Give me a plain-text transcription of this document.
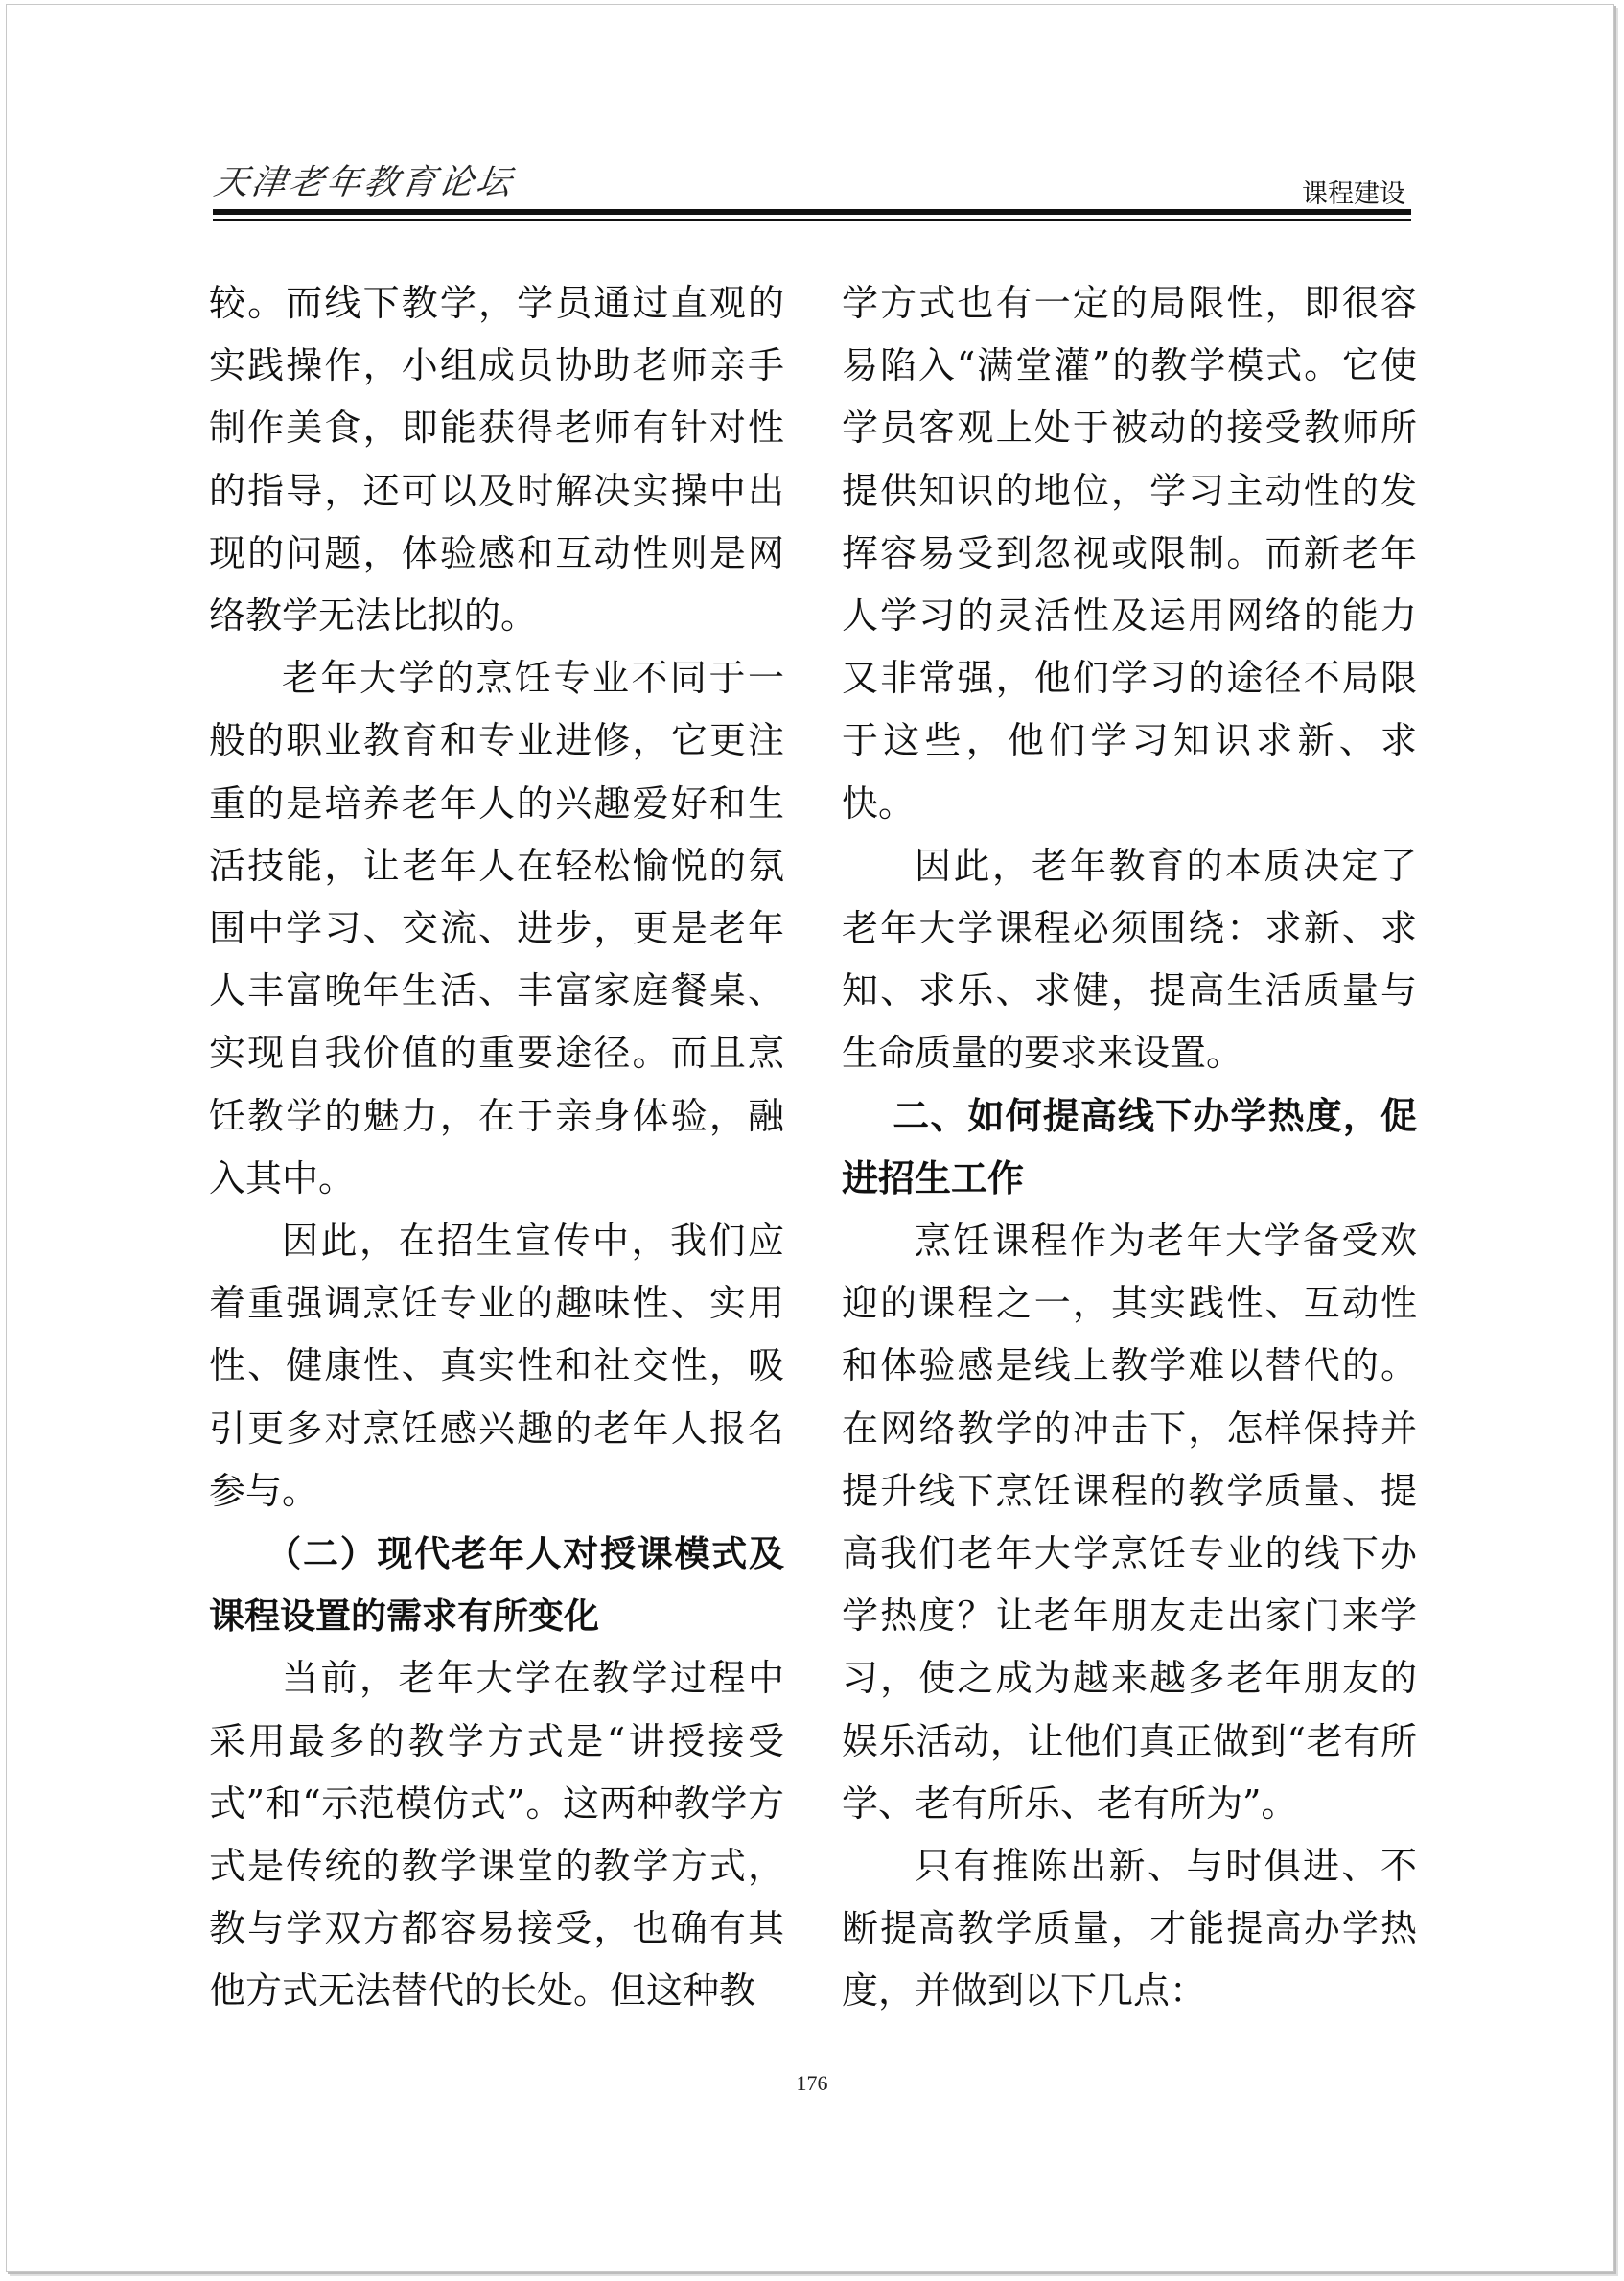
天津老年教育论坛	课程建设

较。而线下教学，学员通过直观的实践操作，小组成员协助老师亲手制作美食，即能获得老师有针对性的指导，还可以及时解决实操中出现的问题，体验感和互动性则是网络教学无法比拟的。

老年大学的烹饪专业不同于一般的职业教育和专业进修，它更注重的是培养老年人的兴趣爱好和生活技能，让老年人在轻松愉悦的氛围中学习、交流、进步，更是老年人丰富晚年生活、丰富家庭餐桌、实现自我价值的重要途径。而且烹饪教学的魅力，在于亲身体验，融入其中。

因此，在招生宣传中，我们应着重强调烹饪专业的趣味性、实用性、健康性、真实性和社交性，吸引更多对烹饪感兴趣的老年人报名参与。

（二）现代老年人对授课模式及课程设置的需求有所变化

当前，老年大学在教学过程中采用最多的教学方式是“讲授接受式”和“示范模仿式”。这两种教学方式是传统的教学课堂的教学方式，教与学双方都容易接受，也确有其他方式无法替代的长处。但这种教

学方式也有一定的局限性，即很容易陷入“满堂灌”的教学模式。它使学员客观上处于被动的接受教师所提供知识的地位，学习主动性的发挥容易受到忽视或限制。而新老年人学习的灵活性及运用网络的能力又非常强，他们学习的途径不局限于这些，他们学习知识求新、求快。

因此，老年教育的本质决定了老年大学课程必须围绕：求新、求知、求乐、求健，提高生活质量与生命质量的要求来设置。

二、如何提高线下办学热度，促进招生工作

烹饪课程作为老年大学备受欢迎的课程之一，其实践性、互动性和体验感是线上教学难以替代的。在网络教学的冲击下，怎样保持并提升线下烹饪课程的教学质量、提高我们老年大学烹饪专业的线下办学热度？让老年朋友走出家门来学习，使之成为越来越多老年朋友的娱乐活动，让他们真正做到“老有所学、老有所乐、老有所为”。

只有推陈出新、与时俱进、不断提高教学质量，才能提高办学热度，并做到以下几点：

176
